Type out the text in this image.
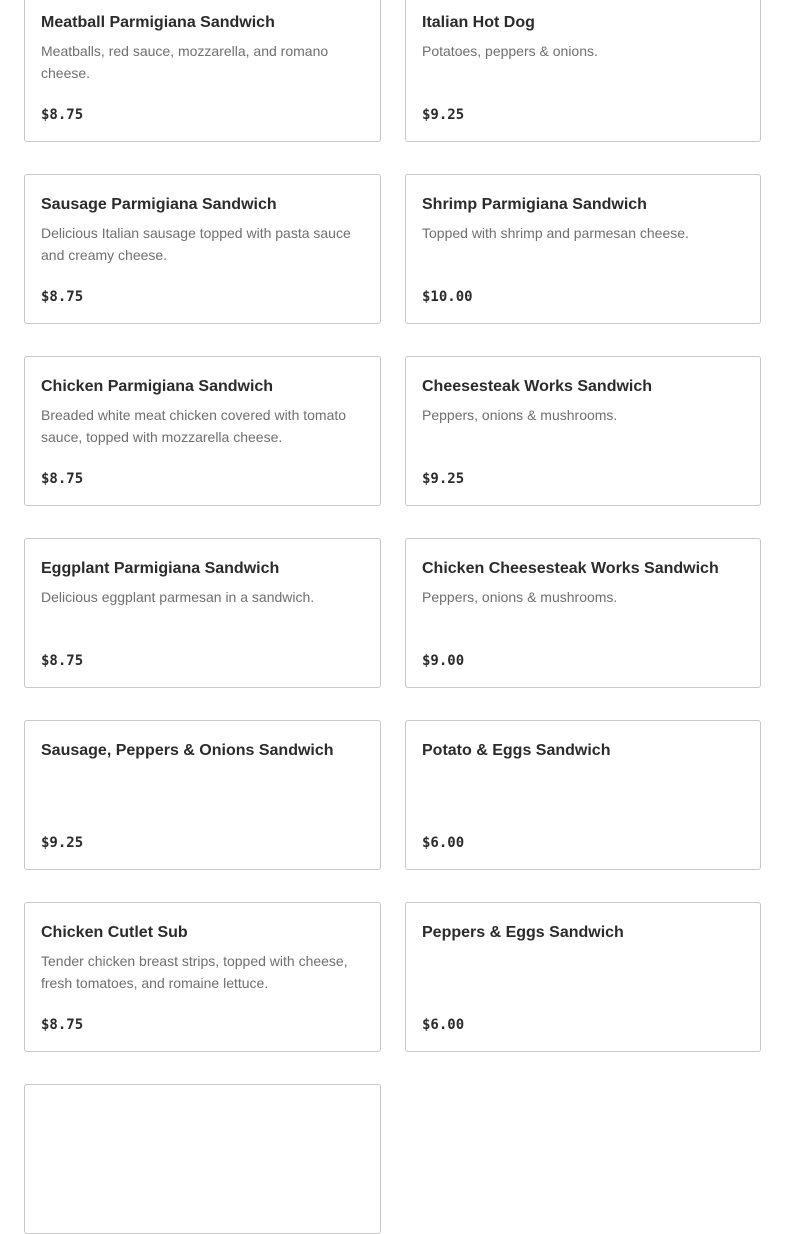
Meatball Parmigiana Sandwich

Meatballs, red sauce, mozzarella, and romano cheese.

$8.75

Italian Hot Dog

Potatoes, peppers & onions.

$9.25

Sausage Parmigiana Sandwich

Delicious Italian sausage topped with pasta sauce and creamy cheese.

$8.75

Shrimp Parmigiana Sandwich

Topped with shrimp and parmesan cheese.

$10.00

Chicken Parmigiana Sandwich

Breaded white meat chicken covered with tomato sauce, topped with mozzarella cheese.

$8.75

Cheesesteak Works Sandwich

Peppers, onions & mushrooms.

$9.25

Eggplant Parmigiana Sandwich

Delicious eggplant parmesan in a sandwich.

$8.75

Chicken Cheesesteak Works Sandwich

Peppers, onions & mushrooms.

$9.00

Sausage, Peppers & Onions Sandwich

$9.25

Potato & Eggs Sandwich

$6.00

Chicken Cutlet Sub

Tender chicken breast strips, topped with cheese, fresh tomatoes, and romaine lettuce.

$8.75

Peppers & Eggs Sandwich

$6.00
